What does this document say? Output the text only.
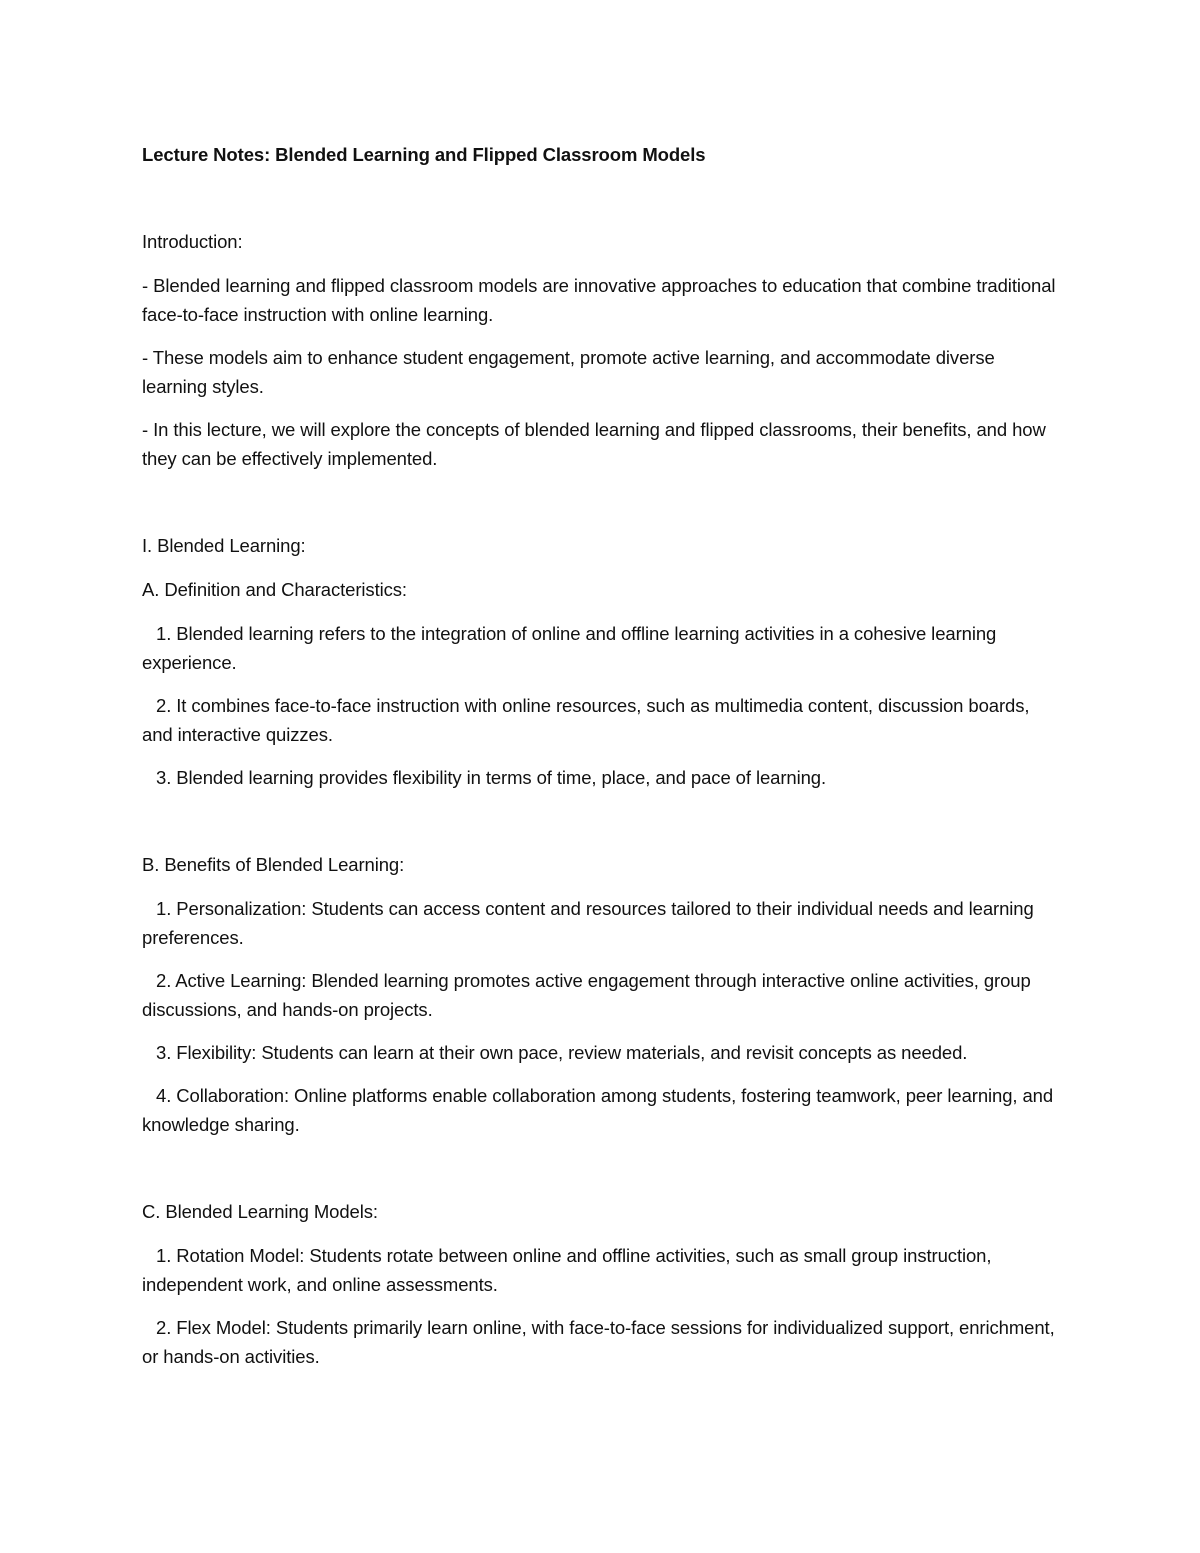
Lecture Notes: Blended Learning and Flipped Classroom Models

Introduction:

- Blended learning and flipped classroom models are innovative approaches to education that combine traditional face-to-face instruction with online learning.

- These models aim to enhance student engagement, promote active learning, and accommodate diverse learning styles.

- In this lecture, we will explore the concepts of blended learning and flipped classrooms, their benefits, and how they can be effectively implemented.

I. Blended Learning:

A. Definition and Characteristics:

1. Blended learning refers to the integration of online and offline learning activities in a cohesive learning experience.

2. It combines face-to-face instruction with online resources, such as multimedia content, discussion boards, and interactive quizzes.

3. Blended learning provides flexibility in terms of time, place, and pace of learning.

B. Benefits of Blended Learning:

1. Personalization: Students can access content and resources tailored to their individual needs and learning preferences.

2. Active Learning: Blended learning promotes active engagement through interactive online activities, group discussions, and hands-on projects.

3. Flexibility: Students can learn at their own pace, review materials, and revisit concepts as needed.

4. Collaboration: Online platforms enable collaboration among students, fostering teamwork, peer learning, and knowledge sharing.

C. Blended Learning Models:

1. Rotation Model: Students rotate between online and offline activities, such as small group instruction, independent work, and online assessments.

2. Flex Model: Students primarily learn online, with face-to-face sessions for individualized support, enrichment, or hands-on activities.
